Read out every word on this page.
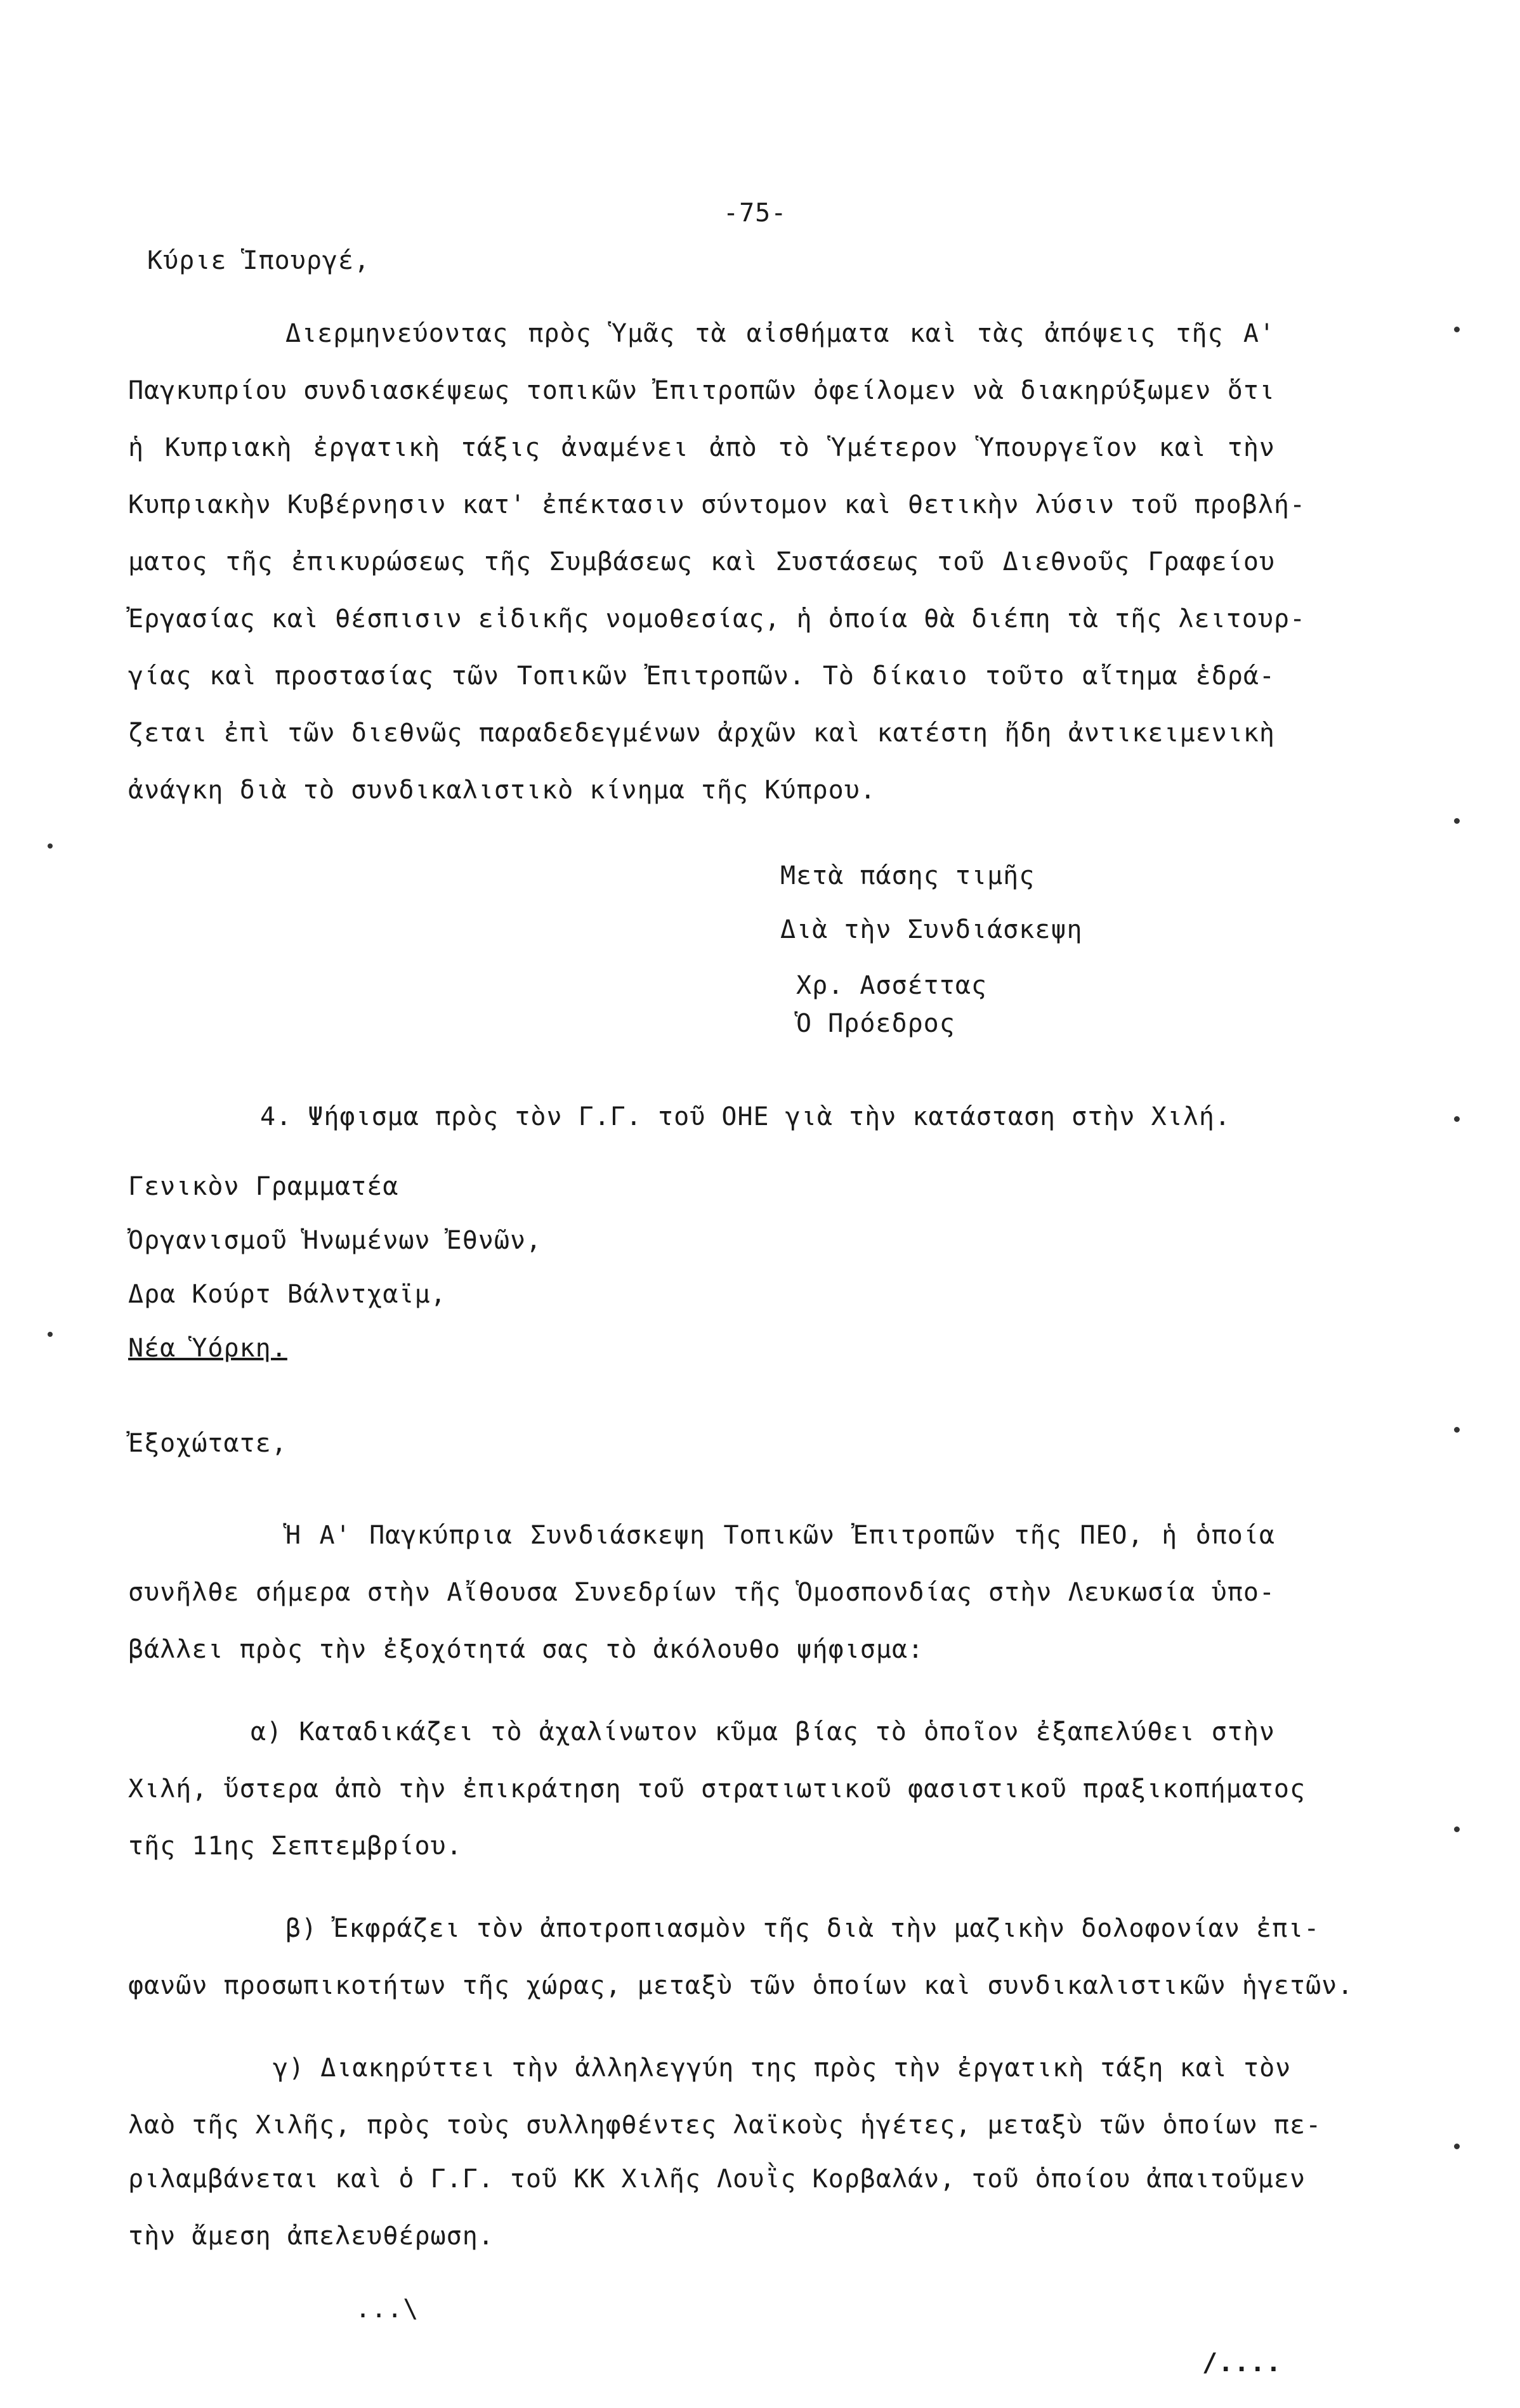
-75-
Κύριε Ἱπουργέ,
Διερμηνεύοντας πρὸς Ὑμᾶς τὰ αἰσθήματα καὶ τὰς ἀπόψεις τῆς Α'
Παγκυπρίου συνδιασκέψεως τοπικῶν Ἐπιτροπῶν ὀφείλομεν νὰ διακηρύξωμεν ὅτι
ἡ Κυπριακὴ ἐργατικὴ τάξις ἀναμένει ἀπὸ τὸ Ὑμέτερον Ὑπουργεῖον καὶ τὴν
Κυπριακὴν Κυβέρνησιν κατ' ἐπέκτασιν σύντομον καὶ θετικὴν λύσιν τοῦ προβλή-
ματος τῆς ἐπικυρώσεως τῆς Συμβάσεως καὶ Συστάσεως τοῦ Διεθνοῦς Γραφείου
Ἐργασίας καὶ θέσπισιν εἰδικῆς νομοθεσίας, ἡ ὁποία θὰ διέπη τὰ τῆς λειτουρ-
γίας καὶ προστασίας τῶν Τοπικῶν Ἐπιτροπῶν. Τὸ δίκαιο τοῦτο αἴτημα ἑδρά-
ζεται ἐπὶ τῶν διεθνῶς παραδεδεγμένων ἀρχῶν καὶ κατέστη ἤδη ἀντικειμενικὴ
ἀνάγκη διὰ τὸ συνδικαλιστικὸ κίνημα τῆς Κύπρου.
Μετὰ πάσης τιμῆς
Διὰ τὴν Συνδιάσκεψη
Χρ. Ασσέττας
Ὁ Πρόεδρος
4. Ψήφισμα πρὸς τὸν Γ.Γ. τοῦ ΟΗΕ γιὰ τὴν κατάσταση στὴν Χιλή.
Γενικὸν Γραμματέα
Ὀργανισμοῦ Ἡνωμένων Ἐθνῶν,
Δρα Κούρτ Βάλντχαϊμ,
Νέα Ὑόρκη.
Ἐξοχώτατε,
Ἡ Α' Παγκύπρια Συνδιάσκεψη Τοπικῶν Ἐπιτροπῶν τῆς ΠΕΟ, ἡ ὁποία
συνῆλθε σήμερα στὴν Αἴθουσα Συνεδρίων τῆς Ὁμοσπονδίας στὴν Λευκωσία ὑπο-
βάλλει πρὸς τὴν ἐξοχότητά σας τὸ ἀκόλουθο ψήφισμα:
α) Καταδικάζει τὸ ἀχαλίνωτον κῦμα βίας τὸ ὁποῖον ἐξαπελύθει στὴν
Χιλή, ὕστερα ἀπὸ τὴν ἐπικράτηση τοῦ στρατιωτικοῦ φασιστικοῦ πραξικοπήματος
τῆς 11ης Σεπτεμβρίου.
β) Ἐκφράζει τὸν ἀποτροπιασμὸν τῆς διὰ τὴν μαζικὴν δολοφονίαν ἐπι-
φανῶν προσωπικοτήτων τῆς χώρας, μεταξὺ τῶν ὁποίων καὶ συνδικαλιστικῶν ἡγετῶν.
γ) Διακηρύττει τὴν ἀλληλεγγύη της πρὸς τὴν ἐργατικὴ τάξη καὶ τὸν
λαὸ τῆς Χιλῆς, πρὸς τοὺς συλληφθέντες λαϊκοὺς ἡγέτες, μεταξὺ τῶν ὁποίων πε-
ριλαμβάνεται καὶ ὁ Γ.Γ. τοῦ ΚΚ Χιλῆς Λουῒς Κορβαλάν, τοῦ ὁποίου ἀπαιτοῦμεν
τὴν ἄμεση ἀπελευθέρωση.
...\
/....
